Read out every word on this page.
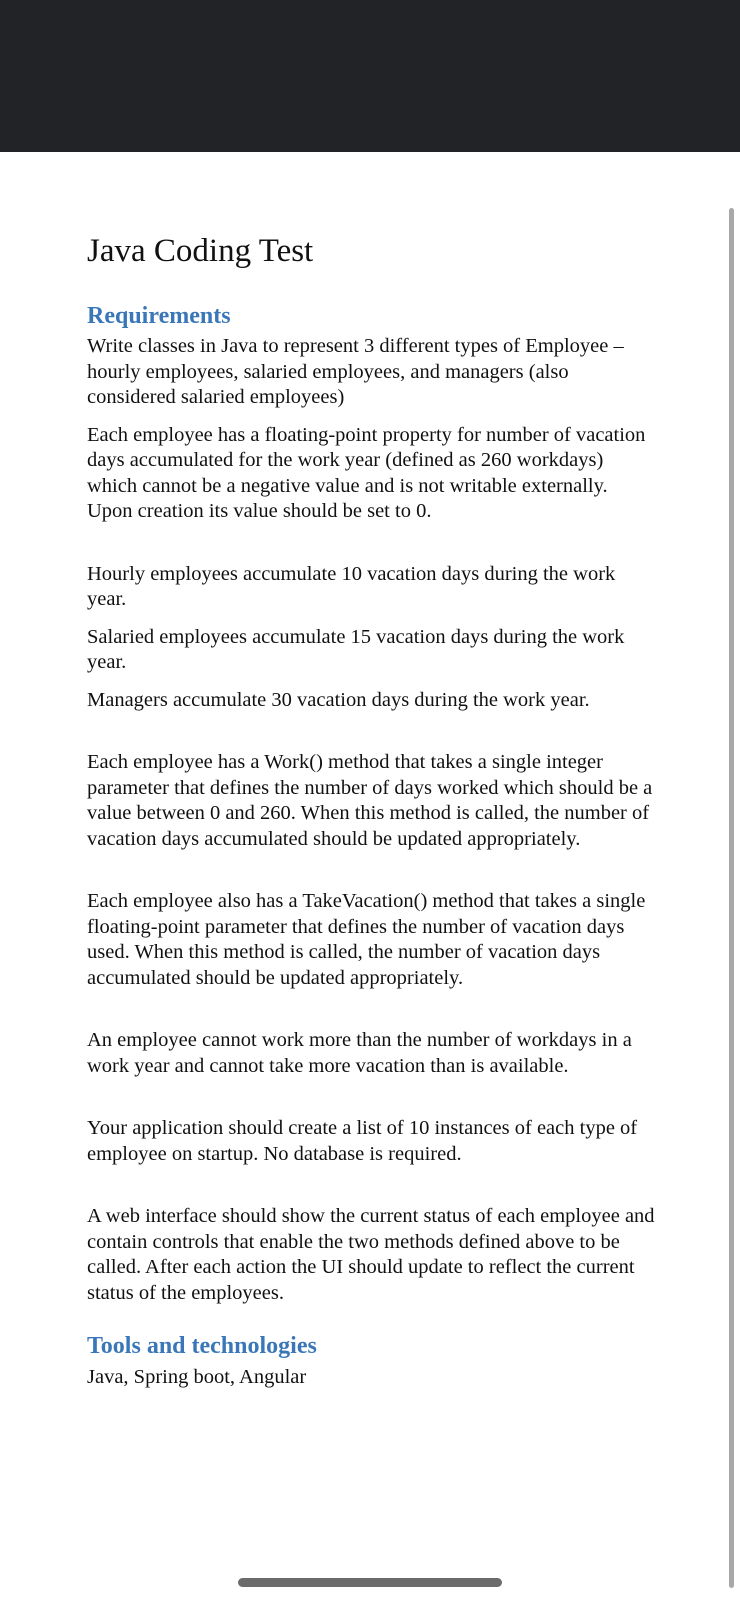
Java Coding Test
Requirements

Write classes in Java to represent 3 different types of Employee – hourly employees, salaried employees, and managers (also considered salaried employees)

Each employee has a floating-point property for number of vacation days accumulated for the work year (defined as 260 workdays) which cannot be a negative value and is not writable externally. Upon creation its value should be set to 0.

Hourly employees accumulate 10 vacation days during the work year.

Salaried employees accumulate 15 vacation days during the work year.

Managers accumulate 30 vacation days during the work year.

Each employee has a Work() method that takes a single integer parameter that defines the number of days worked which should be a value between 0 and 260. When this method is called, the number of vacation days accumulated should be updated appropriately.

Each employee also has a TakeVacation() method that takes a single floating-point parameter that defines the number of vacation days used. When this method is called, the number of vacation days accumulated should be updated appropriately.

An employee cannot work more than the number of workdays in a work year and cannot take more vacation than is available.

Your application should create a list of 10 instances of each type of employee on startup. No database is required.

A web interface should show the current status of each employee and contain controls that enable the two methods defined above to be called. After each action the UI should update to reflect the current status of the employees.

Tools and technologies

Java, Spring boot, Angular
